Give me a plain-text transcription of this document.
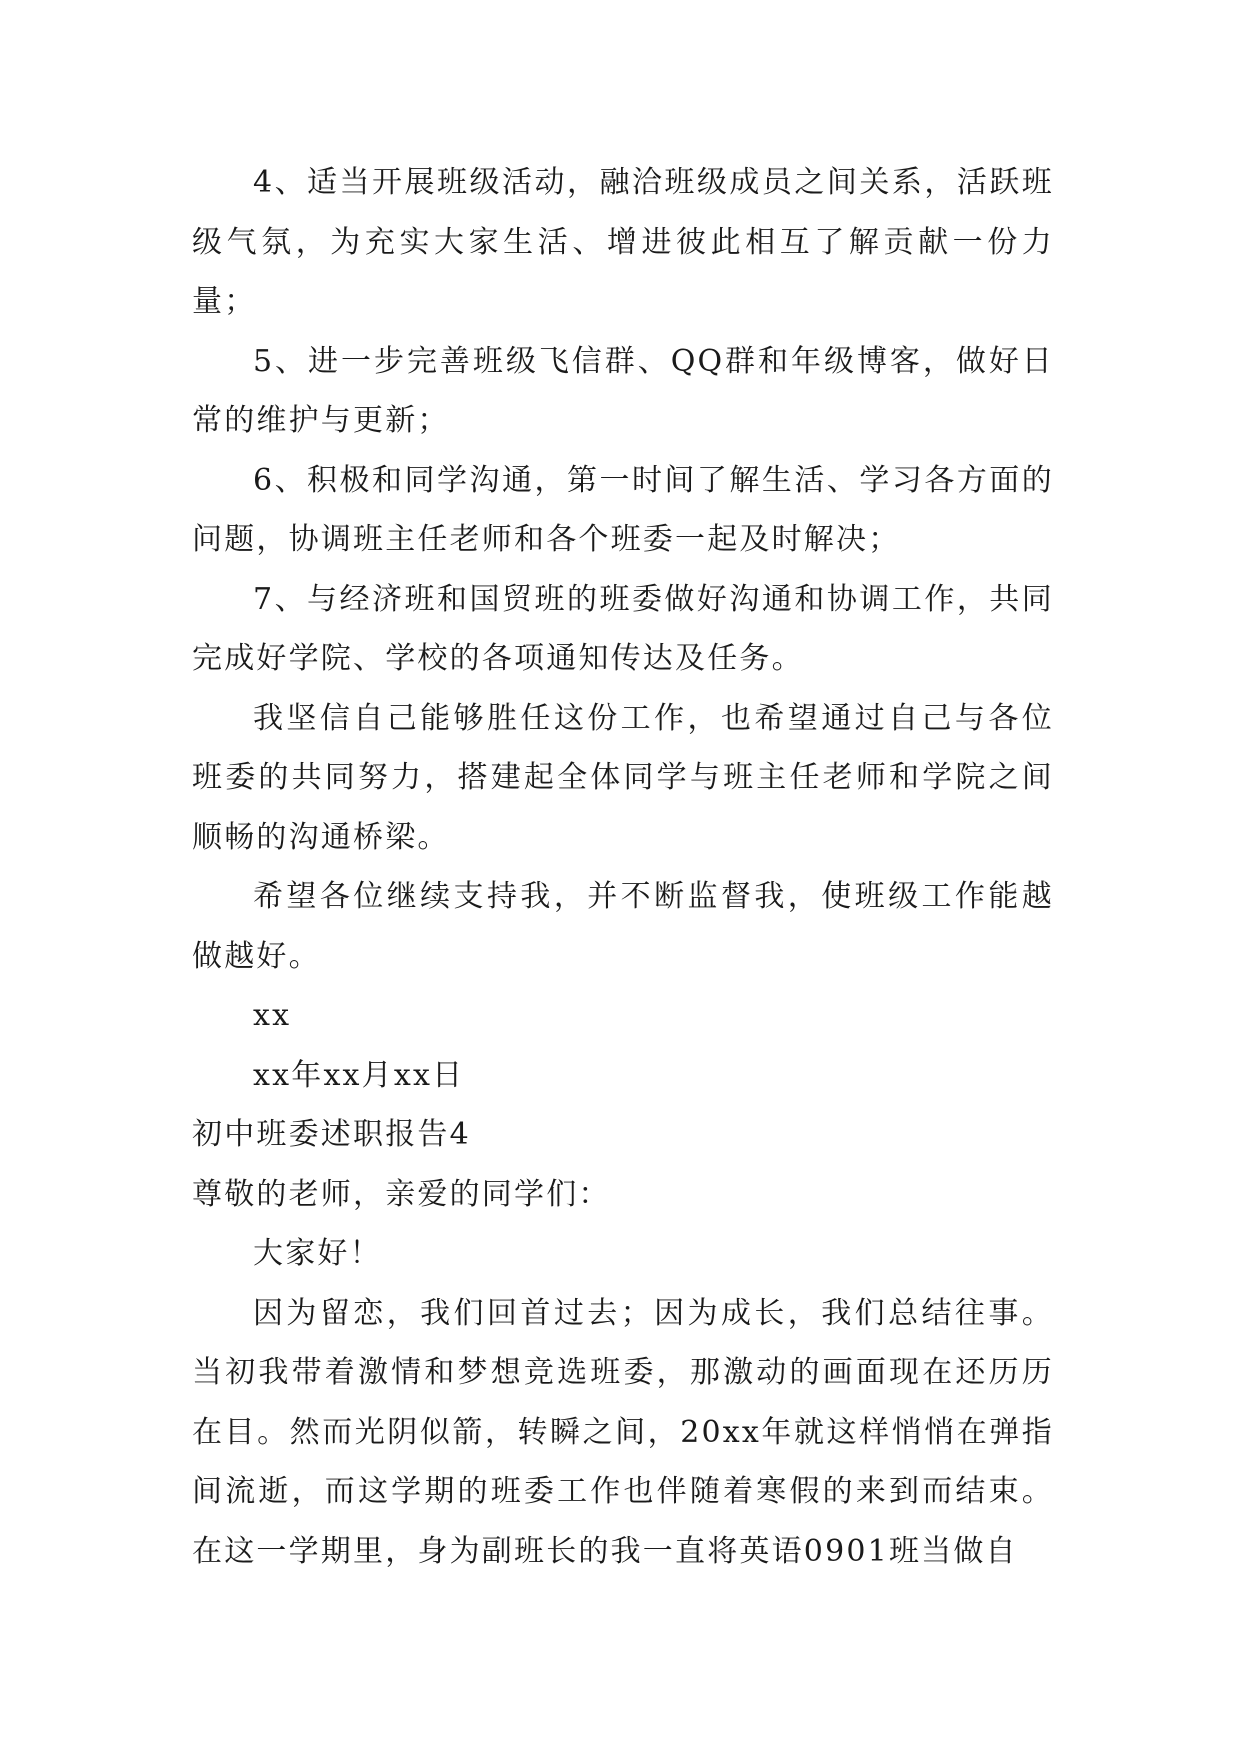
4、适当开展班级活动，融洽班级成员之间关系，活跃班级气氛，为充实大家生活、增进彼此相互了解贡献一份力量；

5、进一步完善班级飞信群、QQ群和年级博客，做好日常的维护与更新；

6、积极和同学沟通，第一时间了解生活、学习各方面的问题，协调班主任老师和各个班委一起及时解决；

7、与经济班和国贸班的班委做好沟通和协调工作，共同完成好学院、学校的各项通知传达及任务。

我坚信自己能够胜任这份工作，也希望通过自己与各位班委的共同努力，搭建起全体同学与班主任老师和学院之间顺畅的沟通桥梁。

希望各位继续支持我，并不断监督我，使班级工作能越做越好。

xx

xx年xx月xx日

初中班委述职报告4

尊敬的老师，亲爱的同学们：

大家好！

因为留恋，我们回首过去；因为成长，我们总结往事。当初我带着激情和梦想竞选班委，那激动的画面现在还历历在目。然而光阴似箭，转瞬之间，20xx年就这样悄悄在弹指间流逝，而这学期的班委工作也伴随着寒假的来到而结束。在这一学期里，身为副班长的我一直将英语0901班当做自
